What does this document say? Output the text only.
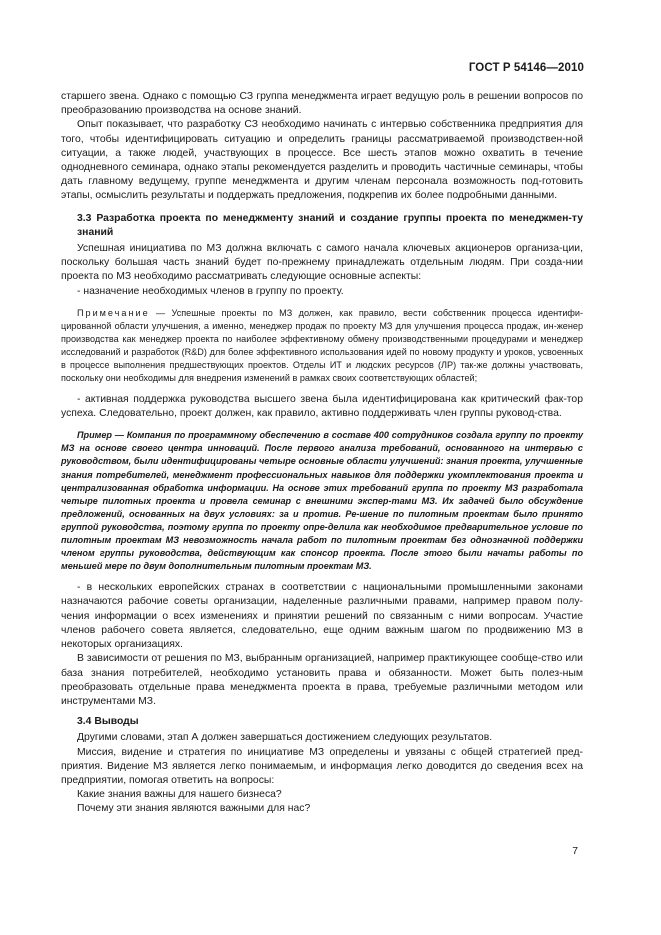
ГОСТ Р 54146—2010

старшего звена. Однако с помощью СЗ группа менеджмента играет ведущую роль в решении вопросов по преобразованию производства на основе знаний.

Опыт показывает, что разработку СЗ необходимо начинать с интервью собственника предприятия для того, чтобы идентифицировать ситуацию и определить границы рассматриваемой производствен-ной ситуации, а также людей, участвующих в процессе. Все шесть этапов можно охватить в течение однодневного семинара, однако этапы рекомендуется разделить и проводить частичные семинары, чтобы дать главному ведущему, группе менеджмента и другим членам персонала возможность под-готовить этапы, осмыслить результаты и поддержать предложения, подкрепив их более подробными данными.

3.3 Разработка проекта по менеджменту знаний и создание группы проекта по менеджмен-ту знаний

Успешная инициатива по МЗ должна включать с самого начала ключевых акционеров организа-ции, поскольку большая часть знаний будет по-прежнему принадлежать отдельным людям. При созда-нии проекта по МЗ необходимо рассматривать следующие основные аспекты:

- назначение необходимых членов в группу по проекту.

Примечание — Успешные проекты по МЗ должен, как правило, вести собственник процесса идентифи-цированной области улучшения, а именно, менеджер продаж по проекту МЗ для улучшения процесса продаж, ин-женер производства как менеджер проекта по наиболее эффективному обмену производственными процедурами и менеджер исследований и разработок (R&D) для более эффективного использования идей по новому продукту и уроков, усвоенных в процессе выполнения предшествующих проектов. Отделы ИТ и людских ресурсов (ЛР) так-же должны участвовать, поскольку они необходимы для внедрения изменений в рамках своих соответствующих областей;

- активная поддержка руководства высшего звена была идентифицирована как критический фак-тор успеха. Следовательно, проект должен, как правило, активно поддерживать член группы руковод-ства.

Пример — Компания по программному обеспечению в составе 400 сотрудников создала группу по проекту МЗ на основе своего центра инноваций. После первого анализа требований, основанного на интервью с руководством, были идентифицированы четыре основные области улучшений: знания проекта, улучшенные знания потребителей, менеджмент профессиональных навыков для поддержки укомплектования проекта и централизованная обработка информации. На основе этих требований группа по проекту МЗ разработала четыре пилотных проекта и провела семинар с внешними экспер-тами МЗ. Их задачей было обсуждение предложений, основанных на двух условиях: за и против. Ре-шение по пилотным проектам было принято группой руководства, поэтому группа по проекту опре-делила как необходимое предварительное условие по пилотным проектам МЗ невозможность начала работ по пилотным проектам без однозначной поддержки членом группы руководства, действующим как спонсор проекта. После этого были начаты работы по меньшей мере по двум дополнительным пилотным проектам МЗ.

- в нескольких европейских странах в соответствии с национальными промышленными законами назначаются рабочие советы организации, наделенные различными правами, например правом полу-чения информации о всех изменениях и принятии решений по связанным с ними вопросам. Участие членов рабочего совета является, следовательно, еще одним важным шагом по продвижению МЗ в некоторых организациях.

В зависимости от решения по МЗ, выбранным организацией, например практикующее сообще-ство или база знания потребителей, необходимо установить права и обязанности. Может быть полез-ным преобразовать отдельные права менеджмента проекта в права, требуемые различными методом или инструментами МЗ.

3.4 Выводы

Другими словами, этап А должен завершаться достижением следующих результатов.

Миссия, видение и стратегия по инициативе МЗ определены и увязаны с общей стратегией пред-приятия. Видение МЗ является легко понимаемым, и информация легко доводится до сведения всех на предприятии, помогая ответить на вопросы:

Какие знания важны для нашего бизнеса?

Почему эти знания являются важными для нас?

7
